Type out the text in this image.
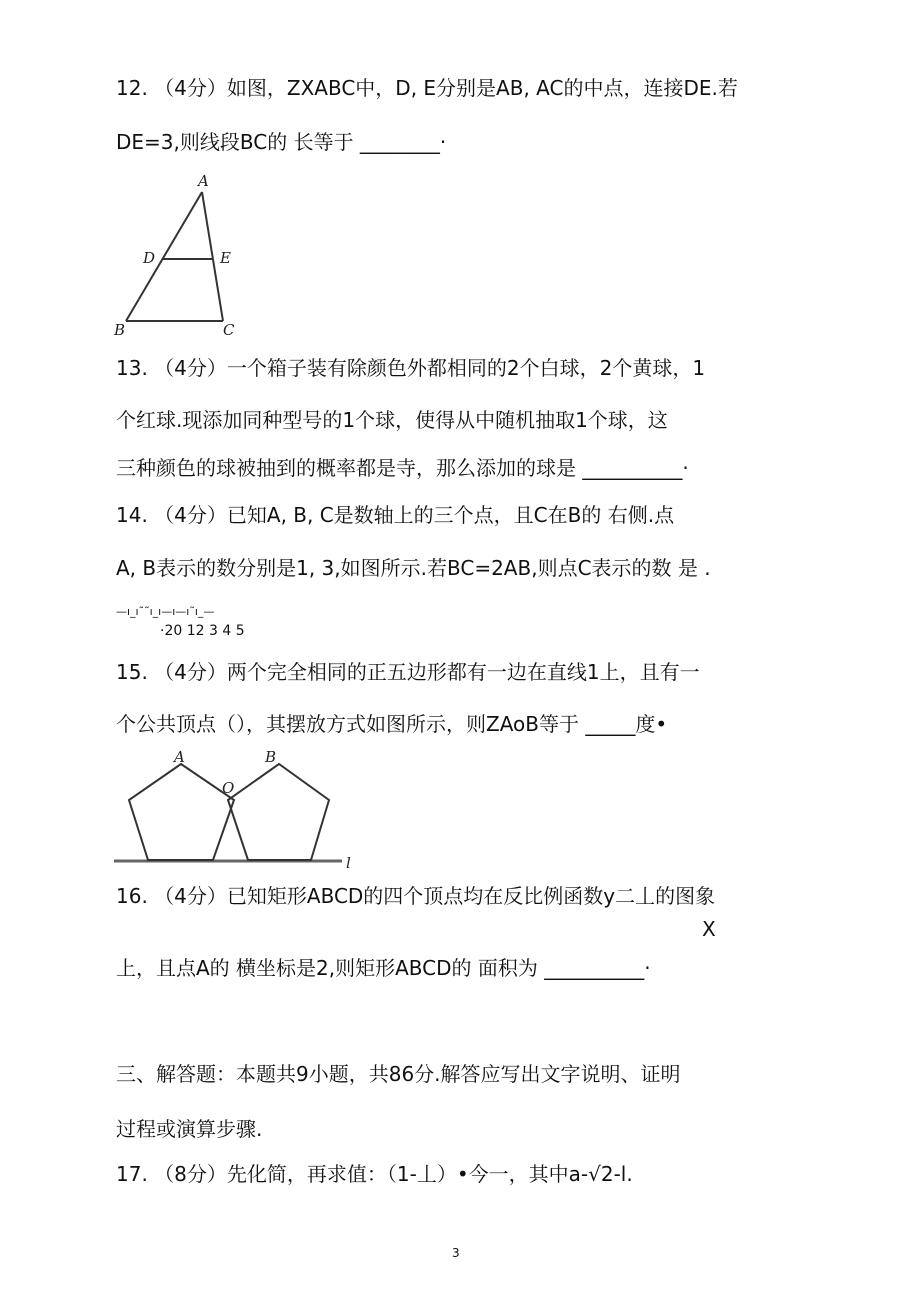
12. （4分）如图，ZXABC中，D, E分别是AB, AC的中点，连接DE.若
DE=3,则线段BC的 长等于 ________·
A
D	E
B	C
13. （4分）一个箱子装有除颜色外都相同的2个白球，2个黄球，1
个红球.现添加同种型号的1个球，使得从中随机抽取1个球，这
三种颜色的球被抽到的概率都是寺，那么添加的球是 __________·
14. （4分）已知A, B, C是数轴上的三个点，且C在B的 右侧.点
A, B表示的数分别是1, 3,如图所示.若BC=2AB,则点C表示的数 是 .
—ı_ı˜˜ı_ı—ı—ı˜ı_—
·20 12 3 4 5
15. （4分）两个完全相同的正五边形都有一边在直线1上，且有一
个公共顶点（），其摆放方式如图所示，则ZAoB等于 _____度•
A	B
O
l
16. （4分）已知矩形ABCD的四个顶点均在反比例函数y二丄的图象
X
上，且点A的 横坐标是2,则矩形ABCD的 面积为 __________·
三、解答题：本题共9小题，共86分.解答应写出文字说明、证明
过程或演算步骤.
17. （8分）先化简，再求值：（1-丄）•今一，其中a-√2-l.
3
